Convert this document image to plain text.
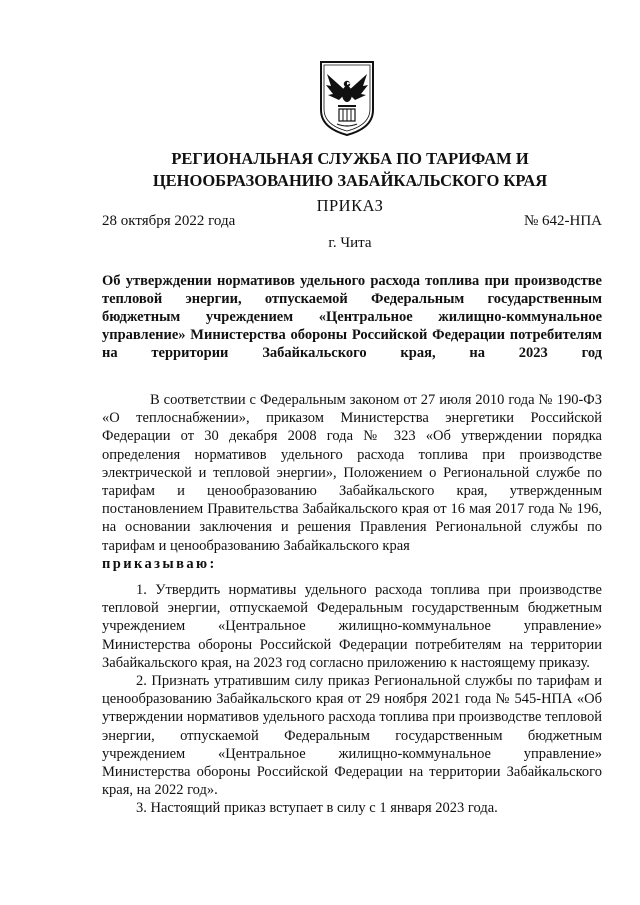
РЕГИОНАЛЬНАЯ СЛУЖБА ПО ТАРИФАМ И
ЦЕНООБРАЗОВАНИЮ ЗАБАЙКАЛЬСКОГО КРАЯ
ПРИКАЗ
28 октября 2022 года	№ 642-НПА
г. Чита
Об утверждении нормативов удельного расхода топлива при производстве тепловой энергии, отпускаемой Федеральным государственным бюджетным учреждением «Центральное жилищно-коммунальное управление» Министерства обороны Российской Федерации потребителям на территории Забайкальского края, на 2023 год

В соответствии с Федеральным законом от 27 июля 2010 года № 190-ФЗ «О теплоснабжении», приказом Министерства энергетики Российской Федерации от 30 декабря 2008 года № 323 «Об утверждении порядка определения нормативов удельного расхода топлива при производстве электрической и тепловой энергии», Положением о Региональной службе по тарифам и ценообразованию Забайкальского края, утвержденным постановлением Правительства Забайкальского края от 16 мая 2017 года № 196, на основании заключения и решения Правления Региональной службы по тарифам и ценообразованию Забайкальского края

приказываю:

1. Утвердить нормативы удельного расхода топлива при производстве тепловой энергии, отпускаемой Федеральным государственным бюджетным учреждением «Центральное жилищно-коммунальное управление» Министерства обороны Российской Федерации потребителям на территории Забайкальского края, на 2023 год согласно приложению к настоящему приказу.

2. Признать утратившим силу приказ Региональной службы по тарифам и ценообразованию Забайкальского края от 29 ноября 2021 года № 545-НПА «Об утверждении нормативов удельного расхода топлива при производстве тепловой энергии, отпускаемой Федеральным государственным бюджетным учреждением «Центральное жилищно-коммунальное управление» Министерства обороны Российской Федерации на территории Забайкальского края, на 2022 год».

3. Настоящий приказ вступает в силу с 1 января 2023 года.
